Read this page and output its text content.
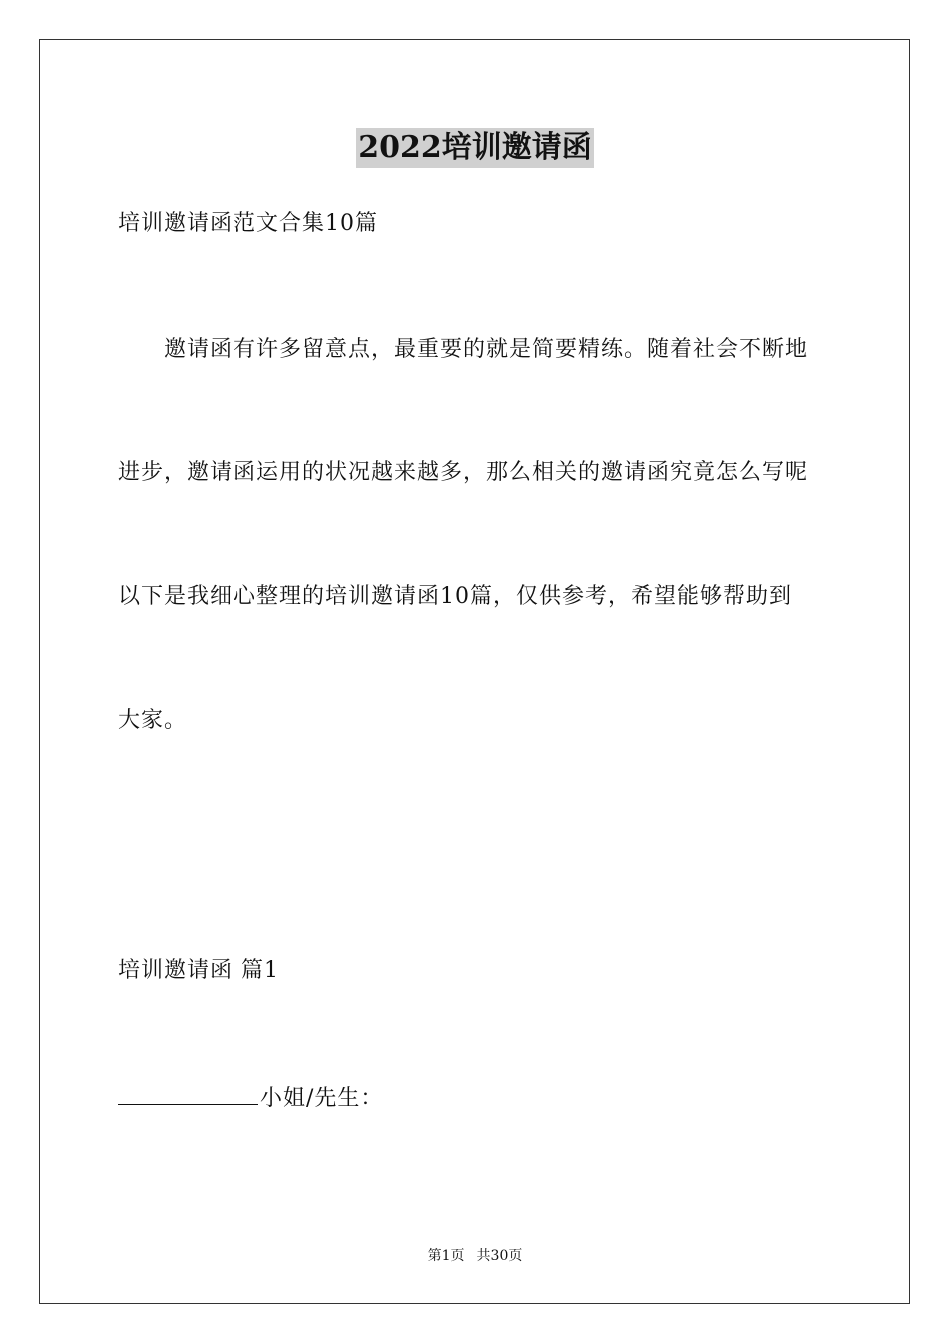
2022培训邀请函
培训邀请函范文合集10篇
　　邀请函有许多留意点，最重要的就是简要精练。随着社会不断地
进步，邀请函运用的状况越来越多，那么相关的邀请函究竟怎么写呢
以下是我细心整理的培训邀请函10篇，仅供参考，希望能够帮助到
大家。
培训邀请函 篇1
小姐/先生：
第1页 共30页
